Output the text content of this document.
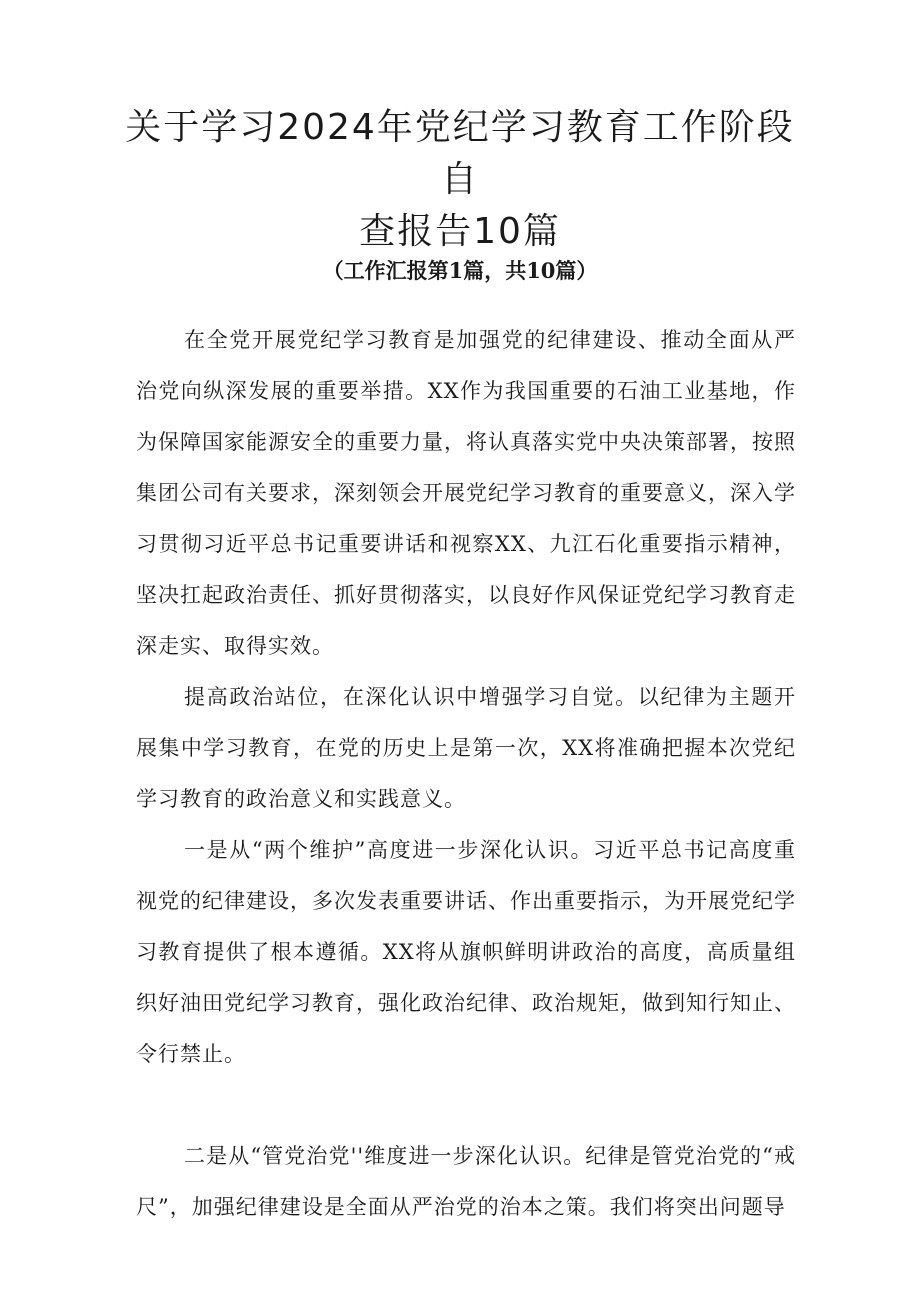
关于学习2024年党纪学习教育工作阶段自
查报告10篇

（工作汇报第1篇，共10篇）

在全党开展党纪学习教育是加强党的纪律建设、推动全面从严治党向纵深发展的重要举措。XX作为我国重要的石油工业基地，作为保障国家能源安全的重要力量，将认真落实党中央决策部署，按照集团公司有关要求，深刻领会开展党纪学习教育的重要意义，深入学习贯彻习近平总书记重要讲话和视察XX、九江石化重要指示精神，坚决扛起政治责任、抓好贯彻落实，以良好作风保证党纪学习教育走深走实、取得实效。

提高政治站位，在深化认识中增强学习自觉。以纪律为主题开展集中学习教育，在党的历史上是第一次，XX将准确把握本次党纪学习教育的政治意义和实践意义。

一是从“两个维护”高度进一步深化认识。习近平总书记高度重视党的纪律建设，多次发表重要讲话、作出重要指示，为开展党纪学习教育提供了根本遵循。XX将从旗帜鲜明讲政治的高度，高质量组织好油田党纪学习教育，强化政治纪律、政治规矩，做到知行知止、令行禁止。

二是从“管党治党''维度进一步深化认识。纪律是管党治党的“戒尺”，加强纪律建设是全面从严治党的治本之策。我们将突出问题导
